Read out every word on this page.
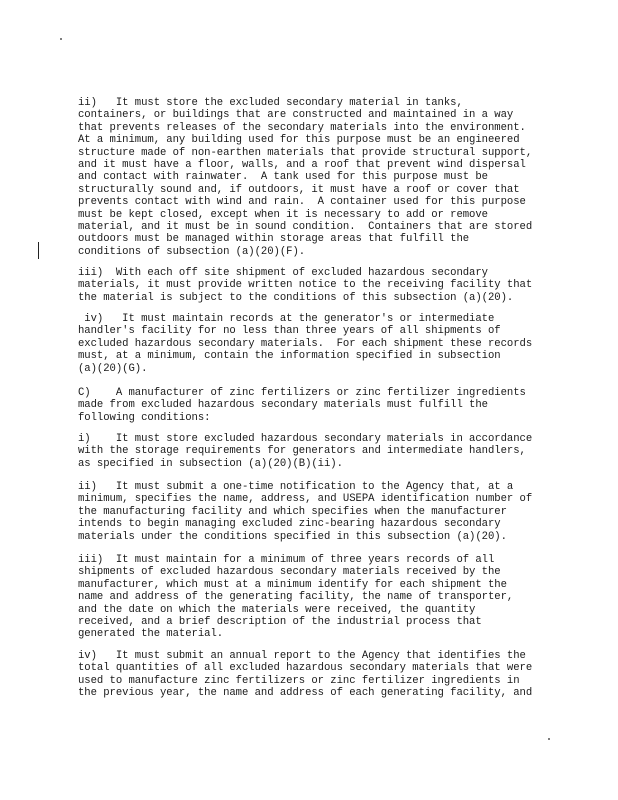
ii)   It must store the excluded secondary material in tanks,
containers, or buildings that are constructed and maintained in a way
that prevents releases of the secondary materials into the environment.
At a minimum, any building used for this purpose must be an engineered
structure made of non-earthen materials that provide structural support,
and it must have a floor, walls, and a roof that prevent wind dispersal
and contact with rainwater.  A tank used for this purpose must be
structurally sound and, if outdoors, it must have a roof or cover that
prevents contact with wind and rain.  A container used for this purpose
must be kept closed, except when it is necessary to add or remove
material, and it must be in sound condition.  Containers that are stored
outdoors must be managed within storage areas that fulfill the
conditions of subsection (a)(20)(F).
iii)  With each off site shipment of excluded hazardous secondary
materials, it must provide written notice to the receiving facility that
the material is subject to the conditions of this subsection (a)(20).
iv)   It must maintain records at the generator's or intermediate
handler's facility for no less than three years of all shipments of
excluded hazardous secondary materials.  For each shipment these records
must, at a minimum, contain the information specified in subsection
(a)(20)(G).
C)    A manufacturer of zinc fertilizers or zinc fertilizer ingredients
made from excluded hazardous secondary materials must fulfill the
following conditions:
i)    It must store excluded hazardous secondary materials in accordance
with the storage requirements for generators and intermediate handlers,
as specified in subsection (a)(20)(B)(ii).
ii)   It must submit a one-time notification to the Agency that, at a
minimum, specifies the name, address, and USEPA identification number of
the manufacturing facility and which specifies when the manufacturer
intends to begin managing excluded zinc-bearing hazardous secondary
materials under the conditions specified in this subsection (a)(20).
iii)  It must maintain for a minimum of three years records of all
shipments of excluded hazardous secondary materials received by the
manufacturer, which must at a minimum identify for each shipment the
name and address of the generating facility, the name of transporter,
and the date on which the materials were received, the quantity
received, and a brief description of the industrial process that
generated the material.
iv)   It must submit an annual report to the Agency that identifies the
total quantities of all excluded hazardous secondary materials that were
used to manufacture zinc fertilizers or zinc fertilizer ingredients in
the previous year, the name and address of each generating facility, and
